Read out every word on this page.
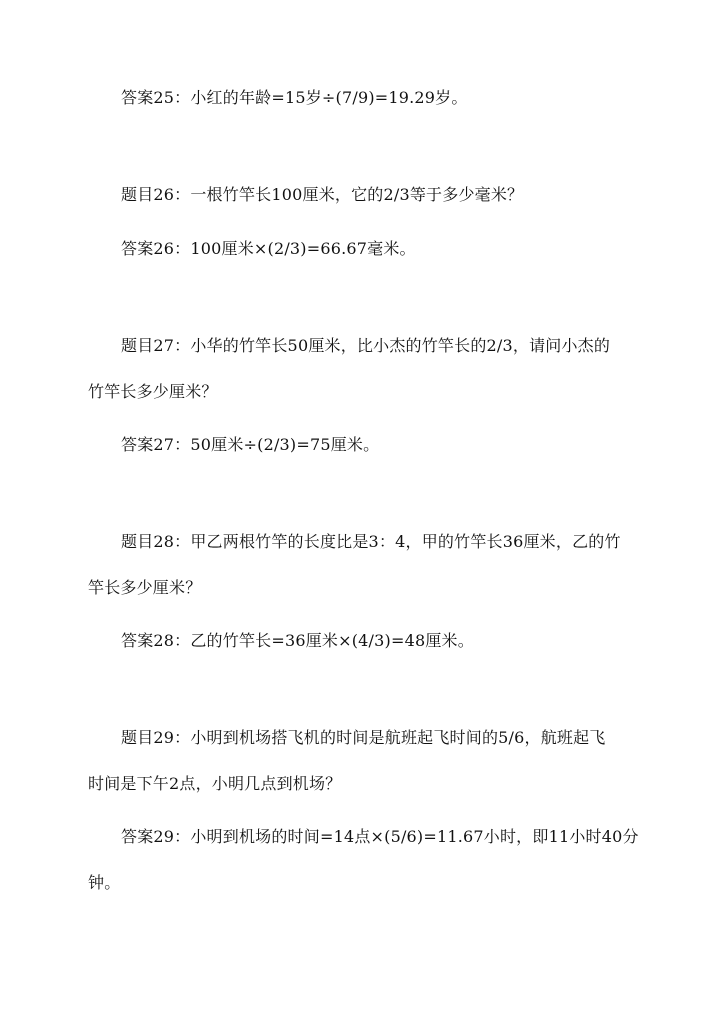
答案25：小红的年龄=15岁÷(7/9)=19.29岁。
题目26：一根竹竿长100厘米，它的2/3等于多少毫米？
答案26：100厘米×(2/3)=66.67毫米。
题目27：小华的竹竿长50厘米，比小杰的竹竿长的2/3，请问小杰的
竹竿长多少厘米？
答案27：50厘米÷(2/3)=75厘米。
题目28：甲乙两根竹竿的长度比是3：4，甲的竹竿长36厘米，乙的竹
竿长多少厘米？
答案28：乙的竹竿长=36厘米×(4/3)=48厘米。
题目29：小明到机场搭飞机的时间是航班起飞时间的5/6，航班起飞
时间是下午2点，小明几点到机场？
答案29：小明到机场的时间=14点×(5/6)=11.67小时，即11小时40分
钟。
